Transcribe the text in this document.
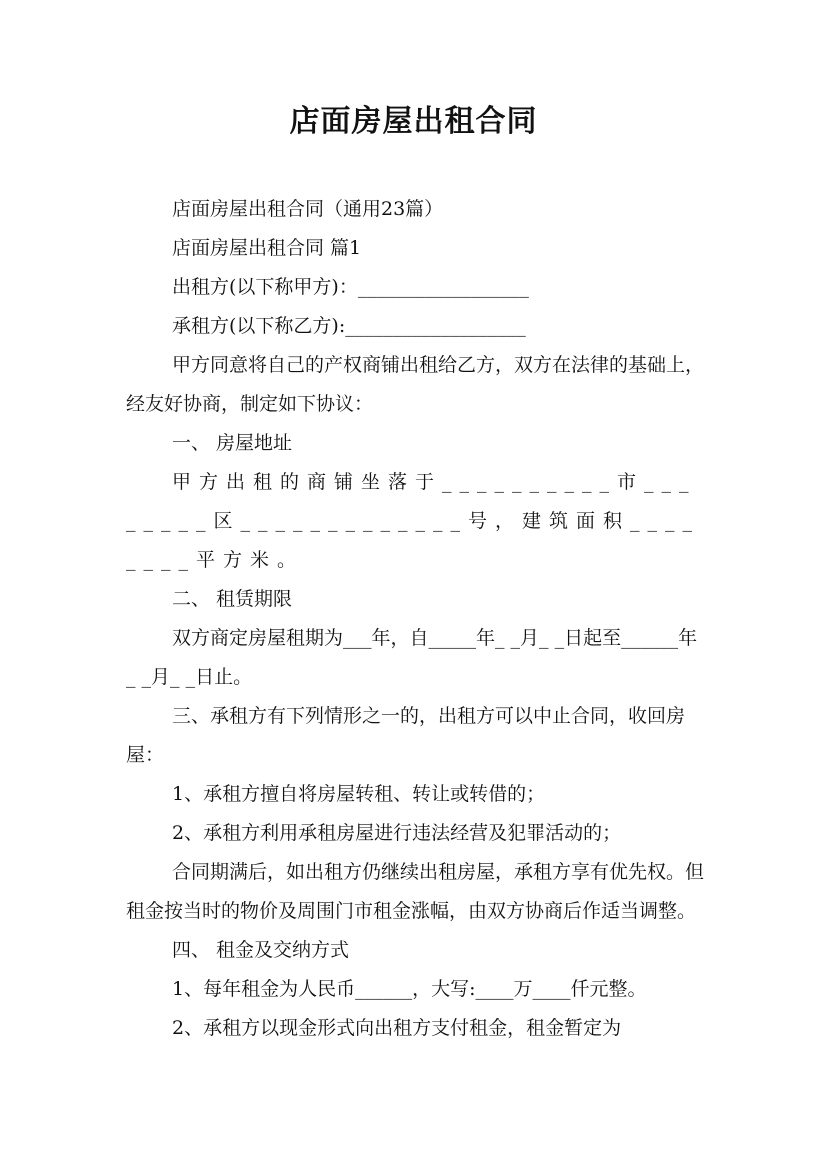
店面房屋出租合同

店面房屋出租合同（通用23篇）

店面房屋出租合同 篇1

出租方(以下称甲方)：__________________

承租方(以下称乙方):___________________

甲方同意将自己的产权商铺出租给乙方，双方在法律的基础上，经友好协商，制定如下协议：

一、 房屋地址

甲方出租的商铺坐落于__________市________区_____________号，建筑面积________平方米。

二、 租赁期限

双方商定房屋租期为___年，自_____年_ _月_ _日起至______年_ _月_ _日止。

三、承租方有下列情形之一的，出租方可以中止合同，收回房屋：

1、承租方擅自将房屋转租、转让或转借的；

2、承租方利用承租房屋进行违法经营及犯罪活动的；

合同期满后，如出租方仍继续出租房屋，承租方享有优先权。但租金按当时的物价及周围门市租金涨幅，由双方协商后作适当调整。

四、 租金及交纳方式

1、每年租金为人民币______，大写:____万____仟元整。

2、承租方以现金形式向出租方支付租金，租金暂定为
